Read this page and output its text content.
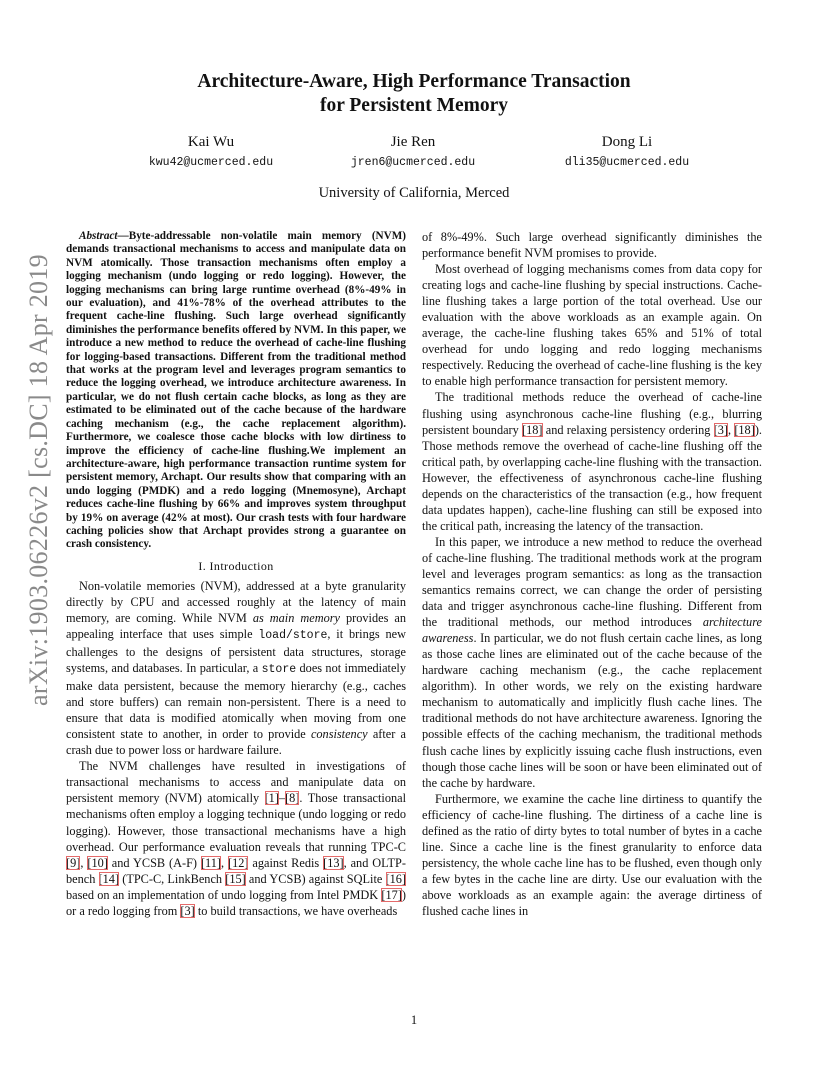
arXiv:1903.06226v2 [cs.DC] 18 Apr 2019
Architecture-Aware, High Performance Transaction
for Persistent Memory
Kai Wu
kwu42@ucmerced.edu
Jie Ren
jren6@ucmerced.edu
Dong Li
dli35@ucmerced.edu
University of California, Merced

Abstract—Byte-addressable non-volatile main memory (NVM) demands transactional mechanisms to access and manipulate data on NVM atomically. Those transaction mechanisms often employ a logging mechanism (undo logging or redo logging). However, the logging mechanisms can bring large runtime overhead (8%-49% in our evaluation), and 41%-78% of the overhead attributes to the frequent cache-line flushing. Such large overhead significantly diminishes the performance benefits offered by NVM. In this paper, we introduce a new method to reduce the overhead of cache-line flushing for logging-based transactions. Different from the traditional method that works at the program level and leverages program semantics to reduce the logging overhead, we introduce architecture awareness. In particular, we do not flush certain cache blocks, as long as they are estimated to be eliminated out of the cache because of the hardware caching mechanism (e.g., the cache replacement algorithm). Furthermore, we coalesce those cache blocks with low dirtiness to improve the efficiency of cache-line flushing.We implement an architecture-aware, high performance transaction runtime system for persistent memory, Archapt. Our results show that comparing with an undo logging (PMDK) and a redo logging (Mnemosyne), Archapt reduces cache-line flushing by 66% and improves system throughput by 19% on average (42% at most). Our crash tests with four hardware caching policies show that Archapt provides strong a guarantee on crash consistency.

I. Introduction

Non-volatile memories (NVM), addressed at a byte granularity directly by CPU and accessed roughly at the latency of main memory, are coming. While NVM as main memory provides an appealing interface that uses simple load/store, it brings new challenges to the designs of persistent data structures, storage systems, and databases. In particular, a store does not immediately make data persistent, because the memory hierarchy (e.g., caches and store buffers) can remain non-persistent. There is a need to ensure that data is modified atomically when moving from one consistent state to another, in order to provide consistency after a crash due to power loss or hardware failure.

The NVM challenges have resulted in investigations of transactional mechanisms to access and manipulate data on persistent memory (NVM) atomically [1]–[8]. Those transactional mechanisms often employ a logging technique (undo logging or redo logging). However, those transactional mechanisms have a high overhead. Our performance evaluation reveals that running TPC-C [9], [10] and YCSB (A-F) [11], [12] against Redis [13], and OLTP-bench [14] (TPC-C, LinkBench [15] and YCSB) against SQLite [16] based on an implementation of undo logging from Intel PMDK [17]) or a redo logging from [3] to build transactions, we have overheads

of 8%-49%. Such large overhead significantly diminishes the performance benefit NVM promises to provide.

Most overhead of logging mechanisms comes from data copy for creating logs and cache-line flushing by special instructions. Cache-line flushing takes a large portion of the total overhead. Use our evaluation with the above workloads as an example again. On average, the cache-line flushing takes 65% and 51% of total overhead for undo logging and redo logging mechanisms respectively. Reducing the overhead of cache-line flushing is the key to enable high performance transaction for persistent memory.

The traditional methods reduce the overhead of cache-line flushing using asynchronous cache-line flushing (e.g., blurring persistent boundary [18] and relaxing persistency ordering [3], [18]). Those methods remove the overhead of cache-line flushing off the critical path, by overlapping cache-line flushing with the transaction. However, the effectiveness of asynchronous cache-line flushing depends on the characteristics of the transaction (e.g., how frequent data updates happen), cache-line flushing can still be exposed into the critical path, increasing the latency of the transaction.

In this paper, we introduce a new method to reduce the overhead of cache-line flushing. The traditional methods work at the program level and leverages program semantics: as long as the transaction semantics remains correct, we can change the order of persisting data and trigger asynchronous cache-line flushing. Different from the traditional methods, our method introduces architecture awareness. In particular, we do not flush certain cache lines, as long as those cache lines are eliminated out of the cache because of the hardware caching mechanism (e.g., the cache replacement algorithm). In other words, we rely on the existing hardware mechanism to automatically and implicitly flush cache lines. The traditional methods do not have architecture awareness. Ignoring the possible effects of the caching mechanism, the traditional methods flush cache lines by explicitly issuing cache flush instructions, even though those cache lines will be soon or have been eliminated out of the cache by hardware.

Furthermore, we examine the cache line dirtiness to quantify the efficiency of cache-line flushing. The dirtiness of a cache line is defined as the ratio of dirty bytes to total number of bytes in a cache line. Since a cache line is the finest granularity to enforce data persistency, the whole cache line has to be flushed, even though only a few bytes in the cache line are dirty. Use our evaluation with the above workloads as an example again: the average dirtiness of flushed cache lines in

1
